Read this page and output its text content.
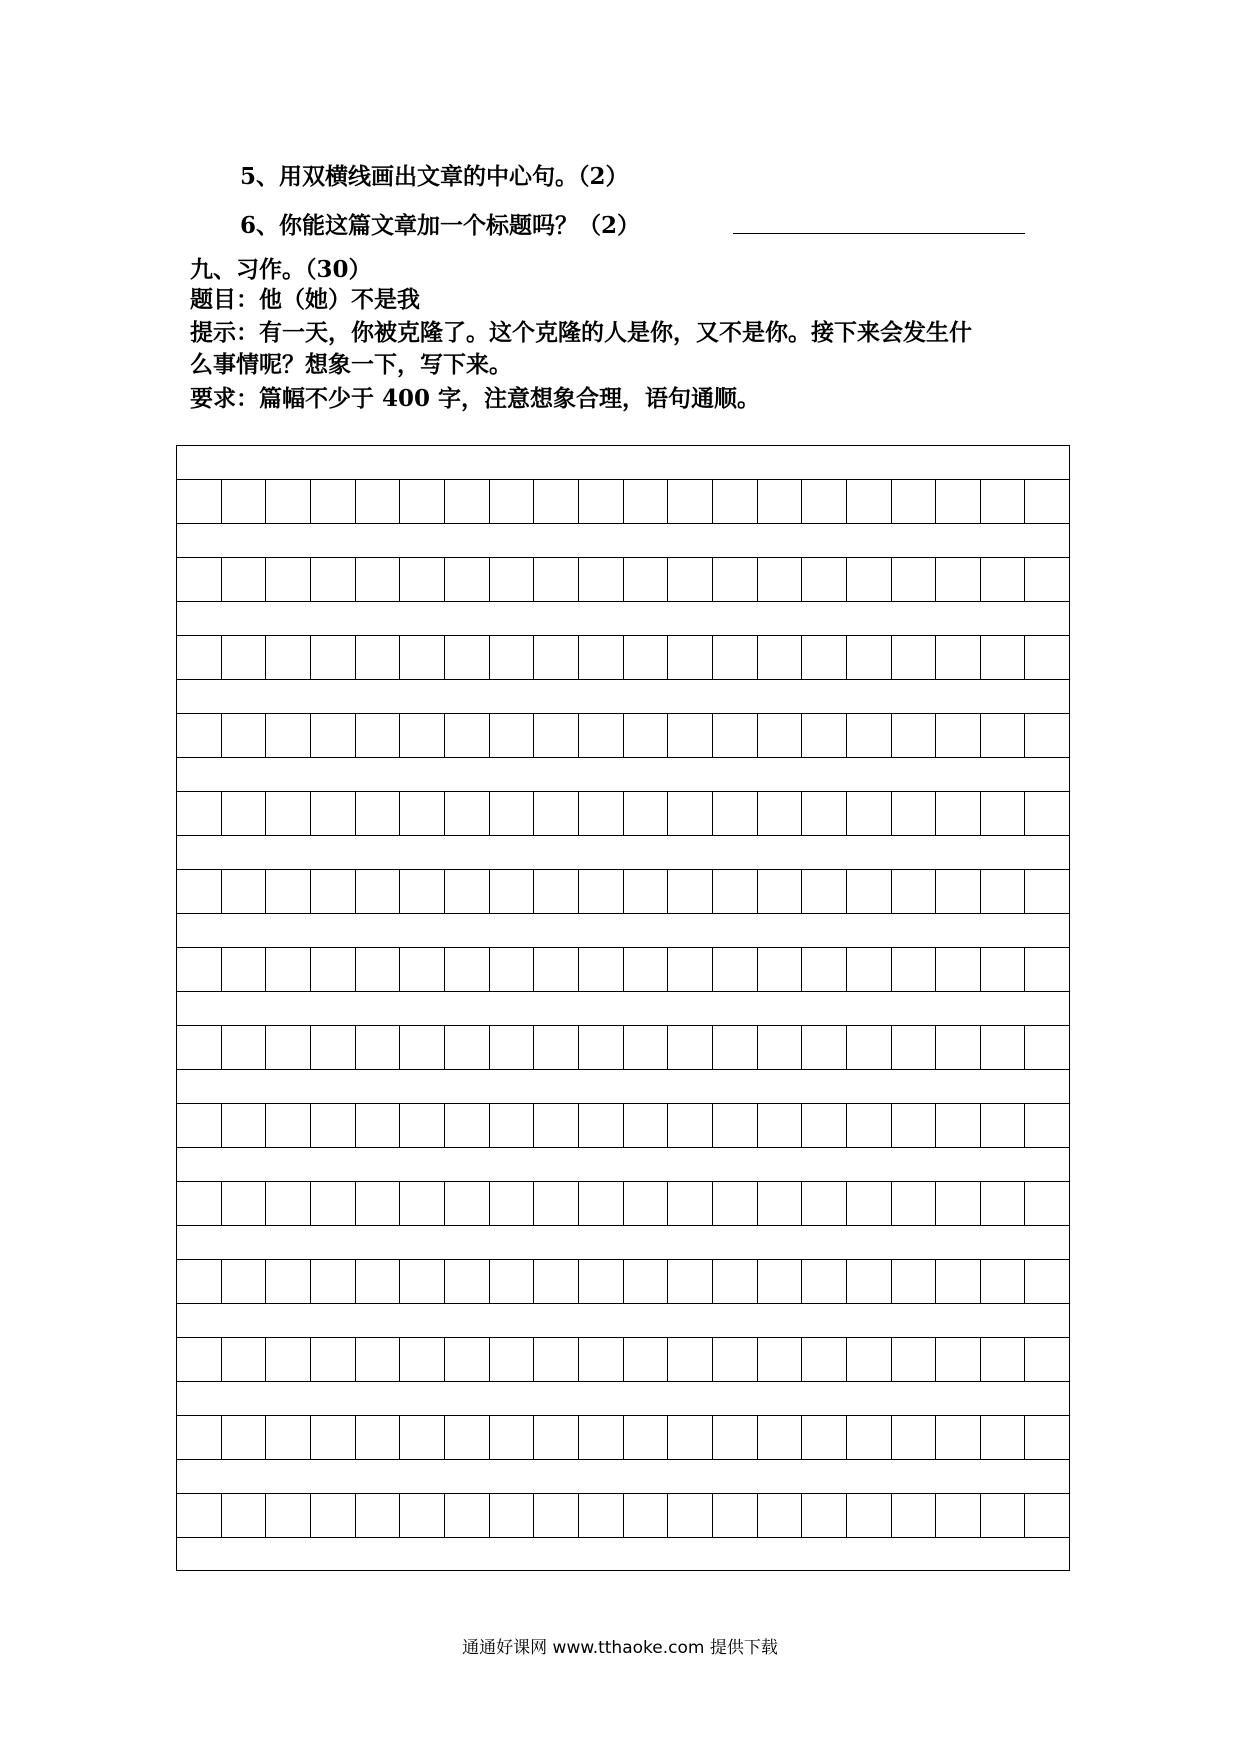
5、用双横线画出文章的中心句。（2）
6、你能这篇文章加一个标题吗？（2）
九、习作。（30）
题目：他（她）不是我
提示：有一天，你被克隆了。这个克隆的人是你，又不是你。接下来会发生什
么事情呢？想象一下，写下来。
要求：篇幅不少于 400 字，注意想象合理，语句通顺。
通通好课网 www.tthaoke.com 提供下载
